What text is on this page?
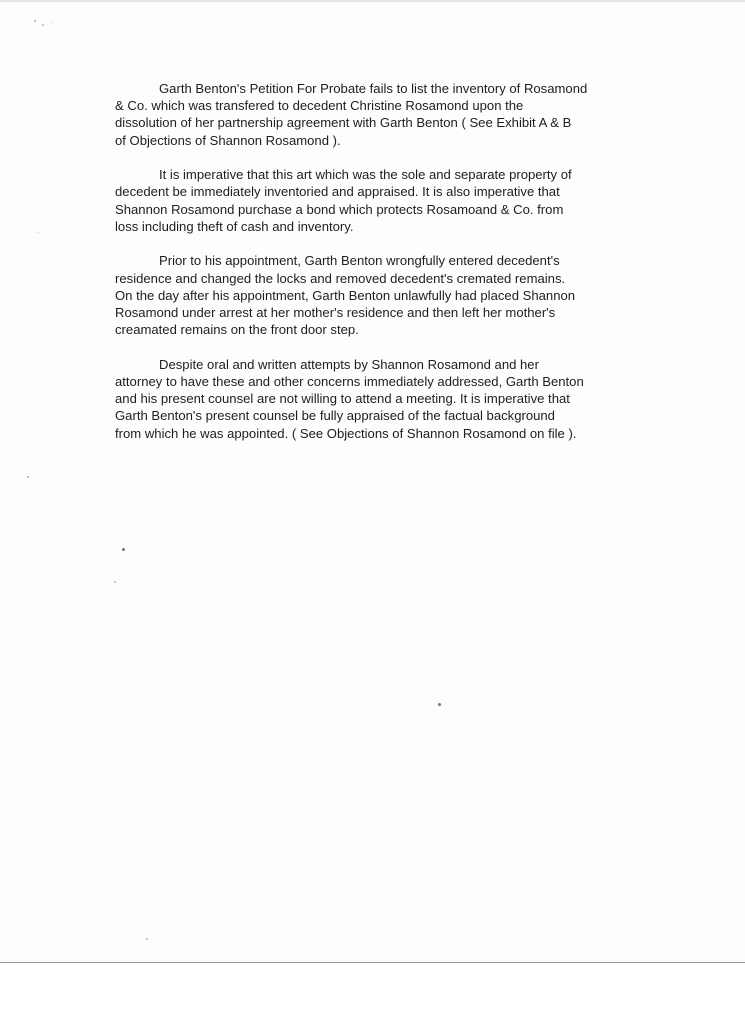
Garth Benton's Petition For Probate fails to list the inventory of Rosamond
& Co. which was transfered to decedent Christine Rosamond upon the
dissolution of her partnership agreement with Garth Benton ( See Exhibit A & B
of Objections of Shannon Rosamond ).

It is imperative that this art which was the sole and separate property of
decedent be immediately inventoried and appraised. It is also imperative that
Shannon Rosamond purchase a bond which protects Rosamoand & Co. from
loss including theft of cash and inventory.

Prior to his appointment, Garth Benton wrongfully entered decedent's
residence and changed the locks and removed decedent's cremated remains.
On the day after his appointment, Garth Benton unlawfully had placed Shannon
Rosamond under arrest at her mother's residence and then left her mother's
creamated remains on the front door step.

Despite oral and written attempts by Shannon Rosamond and her
attorney to have these and other concerns immediately addressed, Garth Benton
and his present counsel are not willing to attend a meeting. It is imperative that
Garth Benton's present counsel be fully appraised of the factual background
from which he was appointed. ( See Objections of Shannon Rosamond on file ).
